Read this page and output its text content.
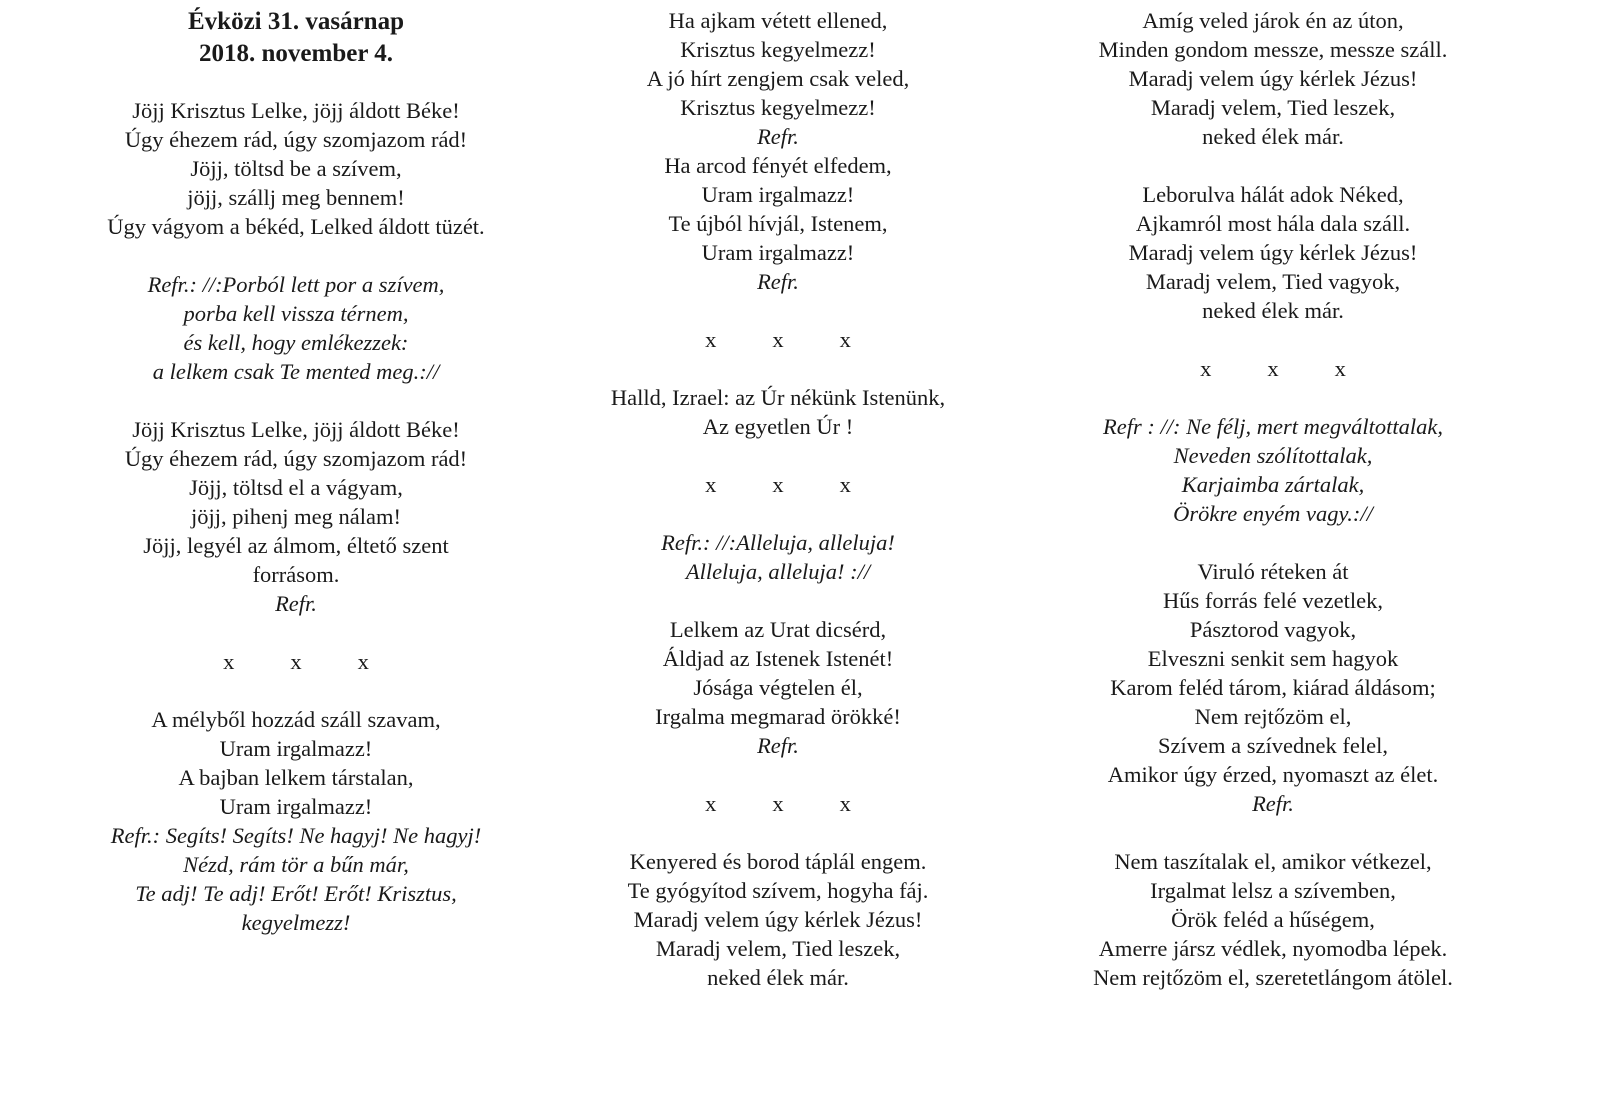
Évközi 31. vasárnap
2018. november 4.
Jöjj Krisztus Lelke, jöjj áldott Béke!
Úgy éhezem rád, úgy szomjazom rád!
Jöjj, töltsd be a szívem,
jöjj, szállj meg bennem!
Úgy vágyom a békéd, Lelked áldott tüzét.
Refr.: //:Porból lett por a szívem,
porba kell vissza térnem,
és kell, hogy emlékezzek:
a lelkem csak Te mented meg.://
Jöjj Krisztus Lelke, jöjj áldott Béke!
Úgy éhezem rád, úgy szomjazom rád!
Jöjj, töltsd el a vágyam,
jöjj, pihenj meg nálam!
Jöjj, legyél az álmom, éltető szent
forrásom.
Refr.
x x x
A mélyből hozzád száll szavam,
Uram irgalmazz!
A bajban lelkem társtalan,
Uram irgalmazz!
Refr.: Segíts! Segíts! Ne hagyj! Ne hagyj!
Nézd, rám tör a bűn már,
Te adj! Te adj! Erőt! Erőt! Krisztus,
kegyelmezz!
Ha ajkam vétett ellened,
Krisztus kegyelmezz!
A jó hírt zengjem csak veled,
Krisztus kegyelmezz!
Refr.
Ha arcod fényét elfedem,
Uram irgalmazz!
Te újból hívjál, Istenem,
Uram irgalmazz!
Refr.
x x x
Halld, Izrael: az Úr nékünk Istenünk,
Az egyetlen Úr !
x x x
Refr.: //:Alleluja, alleluja!
Alleluja, alleluja! ://
Lelkem az Urat dicsérd,
Áldjad az Istenek Istenét!
Jósága végtelen él,
Irgalma megmarad örökké!
Refr.
x x x
Kenyered és borod táplál engem.
Te gyógyítod szívem, hogyha fáj.
Maradj velem úgy kérlek Jézus!
Maradj velem, Tied leszek,
neked élek már.
Amíg veled járok én az úton,
Minden gondom messze, messze száll.
Maradj velem úgy kérlek Jézus!
Maradj velem, Tied leszek,
neked élek már.
Leborulva hálát adok Néked,
Ajkamról most hála dala száll.
Maradj velem úgy kérlek Jézus!
Maradj velem, Tied vagyok,
neked élek már.
x x x
Refr : //: Ne félj, mert megváltottalak,
Neveden szólítottalak,
Karjaimba zártalak,
Örökre enyém vagy.://
Viruló réteken át
Hűs forrás felé vezetlek,
Pásztorod vagyok,
Elveszni senkit sem hagyok
Karom feléd tárom, kiárad áldásom;
Nem rejtőzöm el,
Szívem a szívednek felel,
Amikor úgy érzed, nyomaszt az élet.
Refr.
Nem taszítalak el, amikor vétkezel,
Irgalmat lelsz a szívemben,
Örök feléd a hűségem,
Amerre jársz védlek, nyomodba lépek.
Nem rejtőzöm el, szeretetlángom átölel.
